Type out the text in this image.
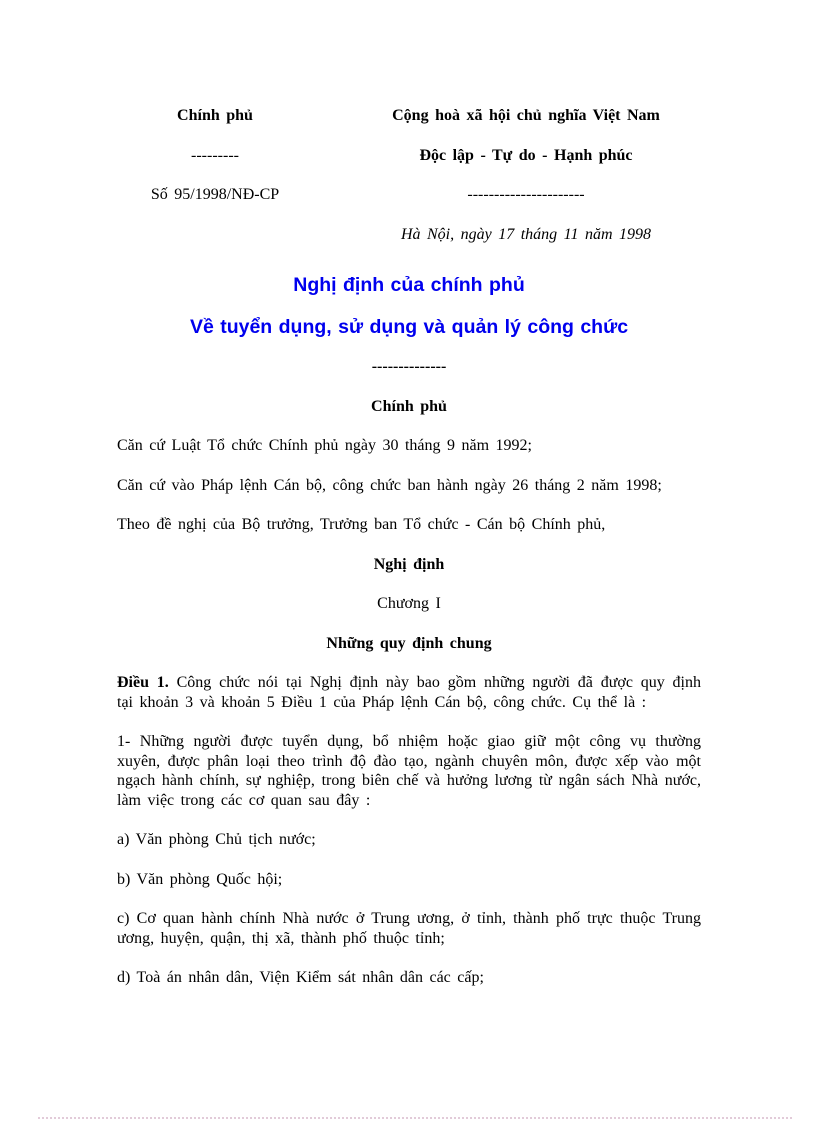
Chính phủ

---------

Số 95/1998/NĐ-CP

Cộng hoà xã hội chủ nghĩa Việt Nam

Độc lập - Tự do - Hạnh phúc

----------------------

Hà Nội, ngày 17 tháng 11 năm 1998

Nghị định của chính phủ

Về tuyển dụng, sử dụng và quản lý công chức

--------------

Chính phủ

Căn cứ Luật Tổ chức Chính phủ ngày 30 tháng 9 năm 1992;

Căn cứ vào Pháp lệnh Cán bộ, công chức ban hành ngày 26 tháng 2 năm 1998;

Theo đề nghị của Bộ trưởng, Trưởng ban Tổ chức - Cán bộ Chính phủ,

Nghị định

Chương I

Những quy định chung

Điều 1. Công chức nói tại Nghị định này bao gồm những người đã được quy định tại khoản 3 và khoản 5 Điều 1 của Pháp lệnh Cán bộ, công chức. Cụ thể là :

1- Những người được tuyển dụng, bổ nhiệm hoặc giao giữ một công vụ thường xuyên, được phân loại theo trình độ đào tạo, ngành chuyên môn, được xếp vào một ngạch hành chính, sự nghiệp, trong biên chế và hưởng lương từ ngân sách Nhà nước, làm việc trong các cơ quan sau đây :

a) Văn phòng Chủ tịch nước;

b) Văn phòng Quốc hội;

c) Cơ quan hành chính Nhà nước ở Trung ương, ở tỉnh, thành phố trực thuộc Trung ương, huyện, quận, thị xã, thành phố thuộc tỉnh;

d) Toà án nhân dân, Viện Kiểm sát nhân dân các cấp;
